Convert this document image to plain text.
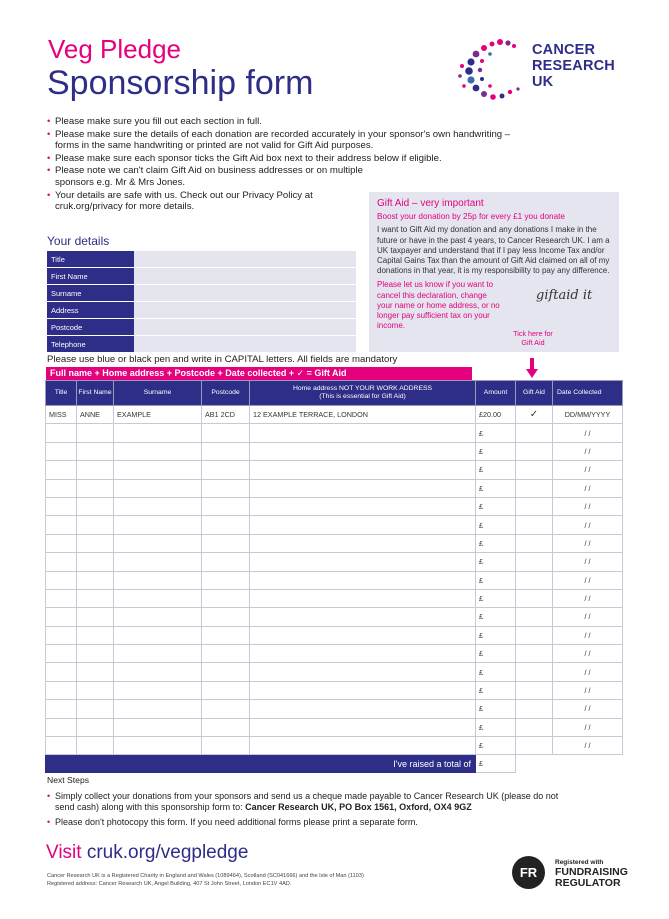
Veg Pledge
Sponsorship form
CANCER
RESEARCH
UK
• Please make sure you fill out each section in full.
• Please make sure the details of each donation are recorded accurately in your sponsor's own handwriting – forms in the same handwriting or printed are not valid for Gift Aid purposes.
• Please make sure each sponsor ticks the Gift Aid box next to their address below if eligible.
• Please note we can't claim Gift Aid on business addresses or on multiple sponsors e.g. Mr & Mrs Jones.
• Your details are safe with us. Check out our Privacy Policy at cruk.org/privacy for more details.	Gift Aid – very important
Boost your donation by 25p for every £1 you donate
I want to Gift Aid my donation and any donations I make in the future or have in the past 4 years, to Cancer Research UK. I am a UK taxpayer and understand that if I pay less Income Tax and/or Capital Gains Tax than the amount of Gift Aid claimed on all of my donations in that year, it is my responsibility to pay any difference.
Please let us know if you want to cancel this declaration, change your name or home address, or no longer pay sufficient tax on your income.
giftaid it
Your details
Title	
First Name	
Surname	
Address	
Postcode	
Telephone	
Tick here for Gift Aid
Please use blue or black pen and write in CAPITAL letters. All fields are mandatory
Full name + Home address + Postcode + Date collected + ✓ = Gift Aid
Title	First Name	Surname	Postcode	Home address NOT YOUR WORK ADDRESS
(This is essential for Gift Aid)	Amount	Gift Aid	Date Collected
MISS	ANNE	EXAMPLE	AB1 2CD	12 EXAMPLE TERRACE, LONDON	£20.00	✓	DD/MM/YYYY
					£		/ /
					£		/ /
					£		/ /
					£		/ /
					£		/ /
					£		/ /
					£		/ /
					£		/ /
					£		/ /
					£		/ /
					£		/ /
					£		/ /
					£		/ /
					£		/ /
					£		/ /
					£		/ /
					£		/ /
					£		/ /
I've raised a total of					£		
Next Steps
• Simply collect your donations from your sponsors and send us a cheque made payable to Cancer Research UK (please do not send cash) along with this sponsorship form to: Cancer Research UK, PO Box 1561, Oxford, OX4 9GZ
• Please don't photocopy this form. If you need additional forms please print a separate form.
Visit cruk.org/vegpledge
Cancer Research UK is a Registered Charity in England and Wales (1089464), Scotland (SC041666) and the Isle of Man (1103)
Registered address: Cancer Research UK, Angel Building, 407 St John Street, London EC1V 4AD.
FR
Registered with
FUNDRAISING
REGULATOR
